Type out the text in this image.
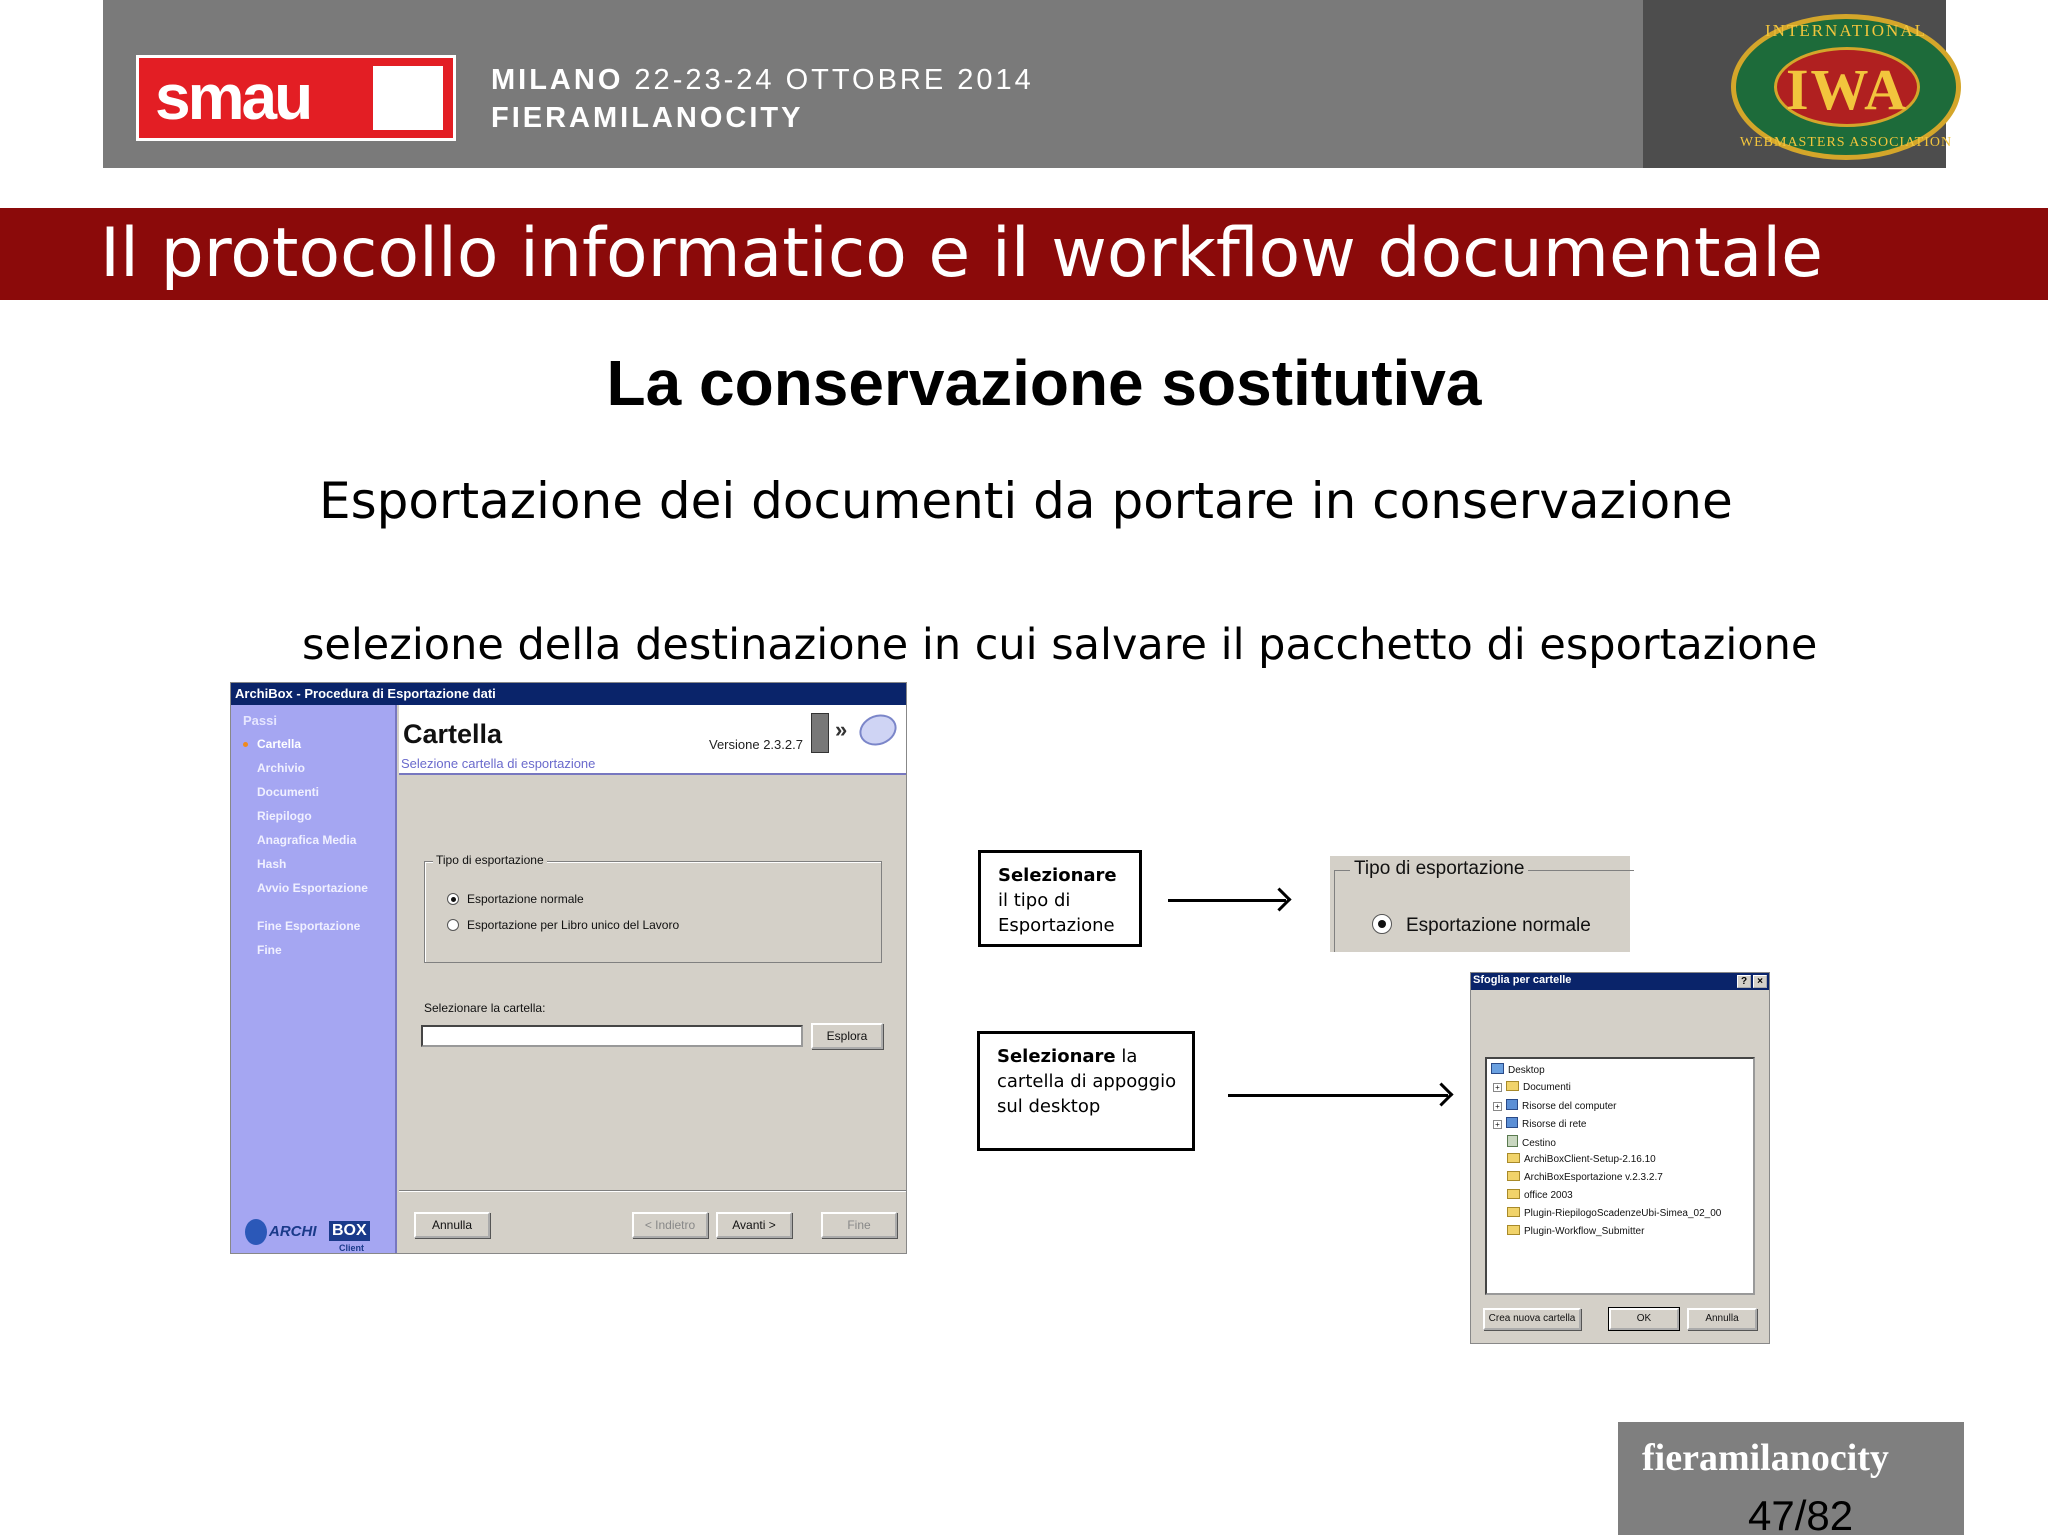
smau	MILANO 22-23-24 OTTOBRE 2014
FIERAMILANOCITY
INTERNATIONAL
IWA
WEBMASTERS ASSOCIATION
Il protocollo informatico e il workflow documentale
La conservazione sostitutiva
Esportazione dei documenti da portare in conservazione
selezione della destinazione in cui salvare il pacchetto di esportazione
ArchiBox - Procedura di Esportazione dati
Passi
Cartella
Archivio
Documenti
Riepilogo
Anagrafica Media
Hash
Avvio Esportazione
Fine Esportazione
Fine
ARCHI BOX
Client
Cartella
Selezione cartella di esportazione
Versione 2.3.2.7
»
Tipo di esportazione
Esportazione normale
Esportazione per Libro unico del Lavoro
Selezionare la cartella:
Esplora
Annulla	< Indietro	Avanti >	Fine
Selezionare
il tipo di
Esportazione
Tipo di esportazione
Esportazione normale
Selezionare la
cartella di appoggio
sul desktop
Sfoglia per cartelle	?	×
Desktop
+ Documenti
+ Risorse del computer
+ Risorse di rete
Cestino
ArchiBoxClient-Setup-2.16.10
ArchiBoxEsportazione v.2.3.2.7
office 2003
Plugin-RiepilogoScadenzeUbi-Simea_02_00
Plugin-Workflow_Submitter
Crea nuova cartella	OK	Annulla
fieramilanocity
47/82
